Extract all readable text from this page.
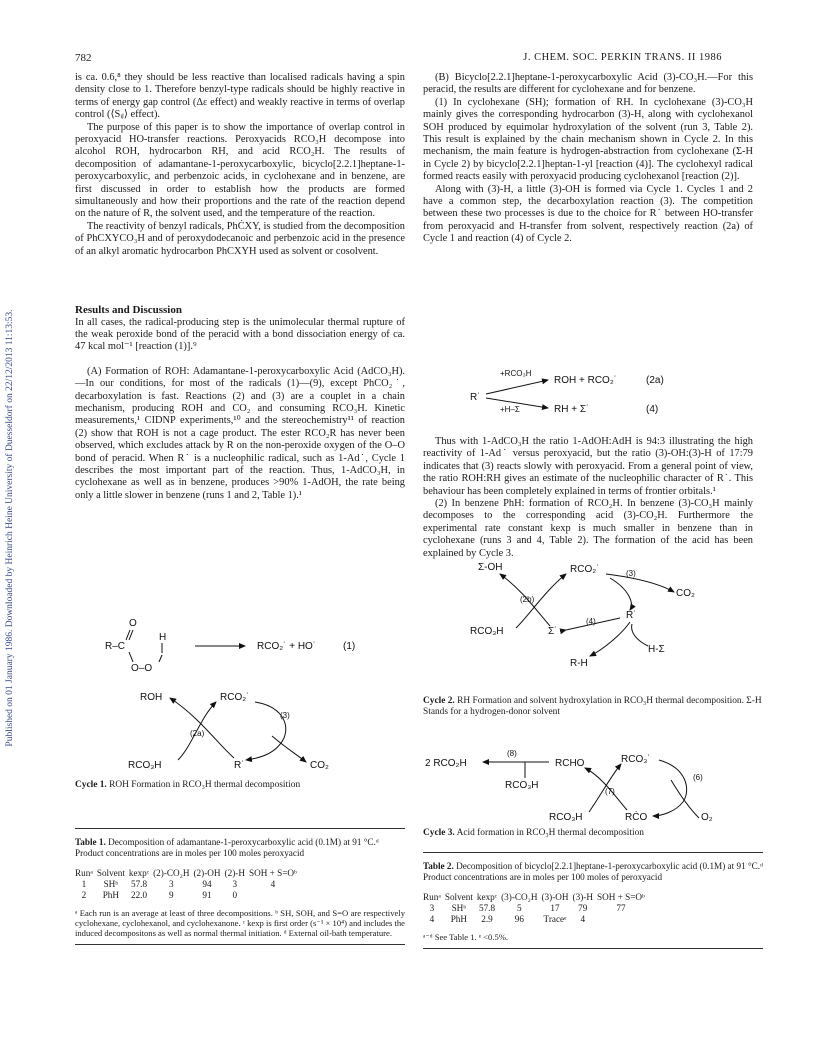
Published on 01 January 1986. Downloaded by Heinrich Heine University of Duesseldorf on 22/12/2013 11:13:53.
782	J. CHEM. SOC. PERKIN TRANS. II 1986

is ca. 0.6,⁸ they should be less reactive than localised radicals having a spin density close to 1. Therefore benzyl-type radicals should be highly reactive in terms of energy gap control (Δε effect) and weakly reactive in terms of overlap control (⟨Sᵢⱼ⟩ effect).

The purpose of this paper is to show the importance of overlap control in peroxyacid HO-transfer reactions. Peroxyacids RCO₃H decompose into alcohol ROH, hydrocarbon RH, and acid RCO₂H. The results of decomposition of adamantane-1-peroxycarboxylic, bicyclo[2.2.1]heptane-1-peroxycarboxylic, and perbenzoic acids, in cyclohexane and in benzene, are first discussed in order to establish how the products are formed simultaneously and how their proportions and the rate of the reaction depend on the nature of R, the solvent used, and the temperature of the reaction.

The reactivity of benzyl radicals, PhĊXY, is studied from the decomposition of PhCXYCO₃H and of peroxydodecanoic and perbenzoic acid in the presence of an alkyl aromatic hydrocarbon PhCXYH used as solvent or cosolvent.

Results and Discussion

In all cases, the radical-producing step is the unimolecular thermal rupture of the weak peroxide bond of the peracid with a bond dissociation energy of ca. 47 kcal mol⁻¹ [reaction (1)].⁹

(A) Formation of ROH: Adamantane-1-peroxycarboxylic Acid (AdCO₃H).—In our conditions, for most of the radicals (1)—(9), except PhCO₂˙, decarboxylation is fast. Reactions (2) and (3) are a couplet in a chain mechanism, producing ROH and CO₂ and consuming RCO₃H. Kinetic measurements,¹ CIDNP experiments,¹⁰ and the stereochemistry¹¹ of reaction (2) show that ROH is not a cage product. The ester RCO₂R has never been observed, which excludes attack by R on the non-peroxide oxygen of the O–O bond of peracid. When R˙ is a nucleophilic radical, such as 1-Ad˙, Cycle 1 describes the most important part of the reaction. Thus, 1-AdCO₃H, in cyclohexane as well as in benzene, produces >90% 1-AdOH, the rate being only a little slower in benzene (runs 1 and 2, Table 1).¹

(B) Bicyclo[2.2.1]heptane-1-peroxycarboxylic Acid (3)-CO₃H.—For this peracid, the results are different for cyclohexane and for benzene.

(1) In cyclohexane (SH); formation of RH. In cyclohexane (3)-CO₃H mainly gives the corresponding hydrocarbon (3)-H, along with cyclohexanol SOH produced by equimolar hydroxylation of the solvent (run 3, Table 2). This result is explained by the chain mechanism shown in Cycle 2. In this mechanism, the main feature is hydrogen-abstraction from cyclohexane (Σ-H in Cycle 2) by bicyclo[2.2.1]heptan-1-yl [reaction (4)]. The cyclohexyl radical formed reacts easily with peroxyacid producing cyclohexanol [reaction (2)].

Along with (3)-H, a little (3)-OH is formed via Cycle 1. Cycles 1 and 2 have a common step, the decarboxylation reaction (3). The competition between these two processes is due to the choice for R˙ between HO-transfer from peroxyacid and H-transfer from solvent, respectively reaction (2a) of Cycle 1 and reaction (4) of Cycle 2.

Thus with 1-AdCO₃H the ratio 1-AdOH:AdH is 94:3 illustrating the high reactivity of 1-Ad˙ versus peroxyacid, but the ratio (3)-OH:(3)-H of 17:79 indicates that (3) reacts slowly with peroxyacid. From a general point of view, the ratio ROH:RH gives an estimate of the nucleophilic character of R˙. This behaviour has been completely explained in terms of frontier orbitals.¹

(2) In benzene PhH: formation of RCO₂H. In benzene (3)-CO₃H mainly decomposes to the corresponding acid (3)-CO₂H. Furthermore the experimental rate constant kexp is much smaller in benzene than in cyclohexane (runs 3 and 4, Table 2). The formation of the acid has been explained by Cycle 3.

R˙
+RCO₃H
+H–Σ
ROH + RCO₂˙	(2a)
RH + Σ˙	(4)
O
R–C
H
O–O
RCO₂˙ + HO˙	(1)
ROH	RCO₂˙
(3)
(2a)
RCO₃H	R˙	CO₂
Cycle 1. ROH Formation in RCO₃H thermal decomposition
Table 1. Decomposition of adamantane-1-peroxycarboxylic acid (0.1M) at 91 °C.ᵈ Product concentrations are in moles per 100 moles peroxyacid
Runᵃ	Solvent	kexpᶜ	(2)-CO₂H	(2)-OH	(2)-H	SOH + S=Oᵇ
1	SHᵇ	57.8	3	94	3	4
2	PhH	22.0	9	91	0	
ᵃ Each run is an average at least of three decompositions. ᵇ SH, SOH, and S=O are respectively cyclohexane, cyclohexanol, and cyclohexanone. ᶜ kexp is first order (s⁻¹ × 10⁴) and includes the induced decompositons as well as normal thermal initiation. ᵈ External oil-bath temperature.
Σ-OH	RCO₂˙	(3)
CO₂
(2b)
RCO₃H	Σ˙
(4)
R˙
R-H
H-Σ
Cycle 2. RH Formation and solvent hydroxylation in RCO₃H thermal decomposition. Σ-H Stands for a hydrogen-donor solvent
2 RCO₂H
(8)
RCHO	RCO₃˙
(6)
RCO₃H
(7)
RCO₃H	RĊO	O₂
Cycle 3. Acid formation in RCO₃H thermal decomposition
Table 2. Decomposition of bicyclo[2.2.1]heptane-1-peroxycarboxylic acid (0.1M) at 91 °C.ᵈ Product concentrations are in moles per 100 moles of peroxyacid
Runᵃ	Solvent	kexpᶜ	(3)-CO₂H	(3)-OH	(3)-H	SOH + S=Oᵇ
3	SHᵇ	57.8	5	17	79	77
4	PhH	2.9	96	Traceᵉ	4	
ᵃ⁻ᵈ See Table 1. ᵉ <0.5%.
